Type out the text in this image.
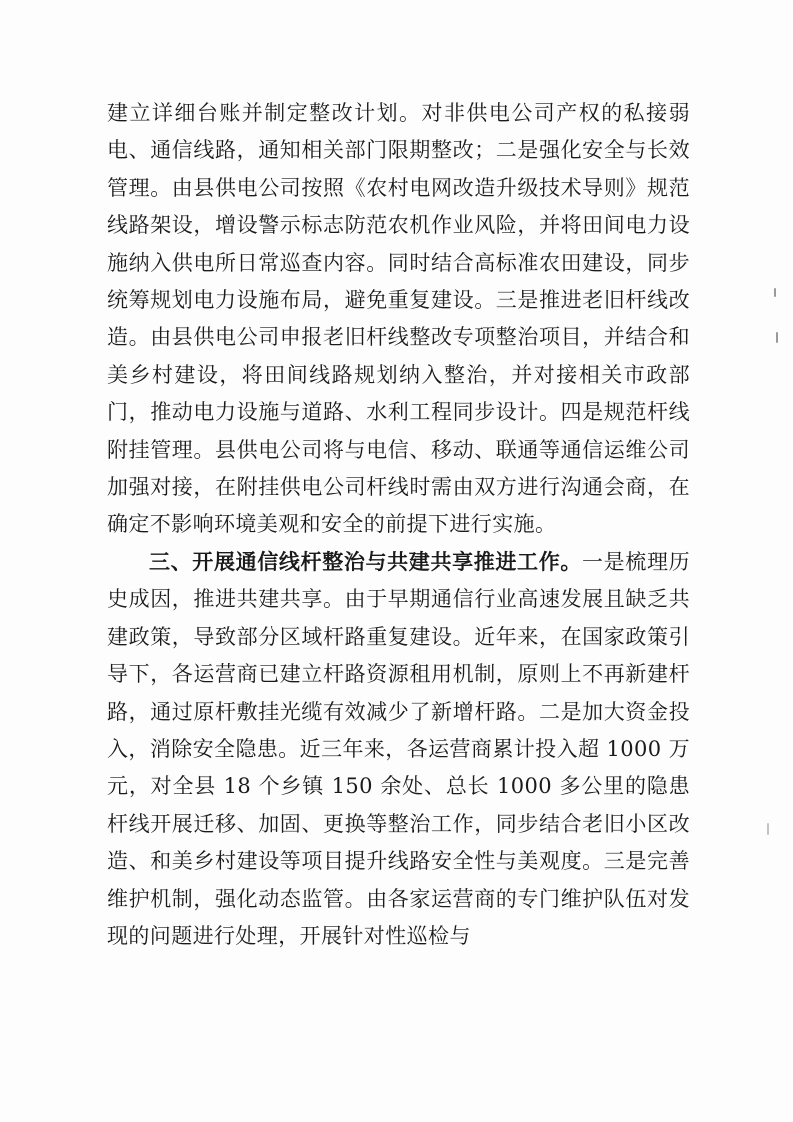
建立详细台账并制定整改计划。对非供电公司产权的私接弱电、通信线路，通知相关部门限期整改；二是强化安全与长效管理。由县供电公司按照《农村电网改造升级技术导则》规范线路架设，增设警示标志防范农机作业风险，并将田间电力设施纳入供电所日常巡查内容。同时结合高标准农田建设，同步统筹规划电力设施布局，避免重复建设。三是推进老旧杆线改造。由县供电公司申报老旧杆线整改专项整治项目，并结合和美乡村建设，将田间线路规划纳入整治，并对接相关市政部门，推动电力设施与道路、水利工程同步设计。四是规范杆线附挂管理。县供电公司将与电信、移动、联通等通信运维公司加强对接，在附挂供电公司杆线时需由双方进行沟通会商，在确定不影响环境美观和安全的前提下进行实施。

三、开展通信线杆整治与共建共享推进工作。一是梳理历史成因，推进共建共享。由于早期通信行业高速发展且缺乏共建政策，导致部分区域杆路重复建设。近年来，在国家政策引导下，各运营商已建立杆路资源租用机制，原则上不再新建杆路，通过原杆敷挂光缆有效减少了新增杆路。二是加大资金投入，消除安全隐患。近三年来，各运营商累计投入超 1000 万元，对全县 18 个乡镇 150 余处、总长 1000 多公里的隐患杆线开展迁移、加固、更换等整治工作，同步结合老旧小区改造、和美乡村建设等项目提升线路安全性与美观度。三是完善维护机制，强化动态监管。由各家运营商的专门维护队伍对发现的问题进行处理，开展针对性巡检与
